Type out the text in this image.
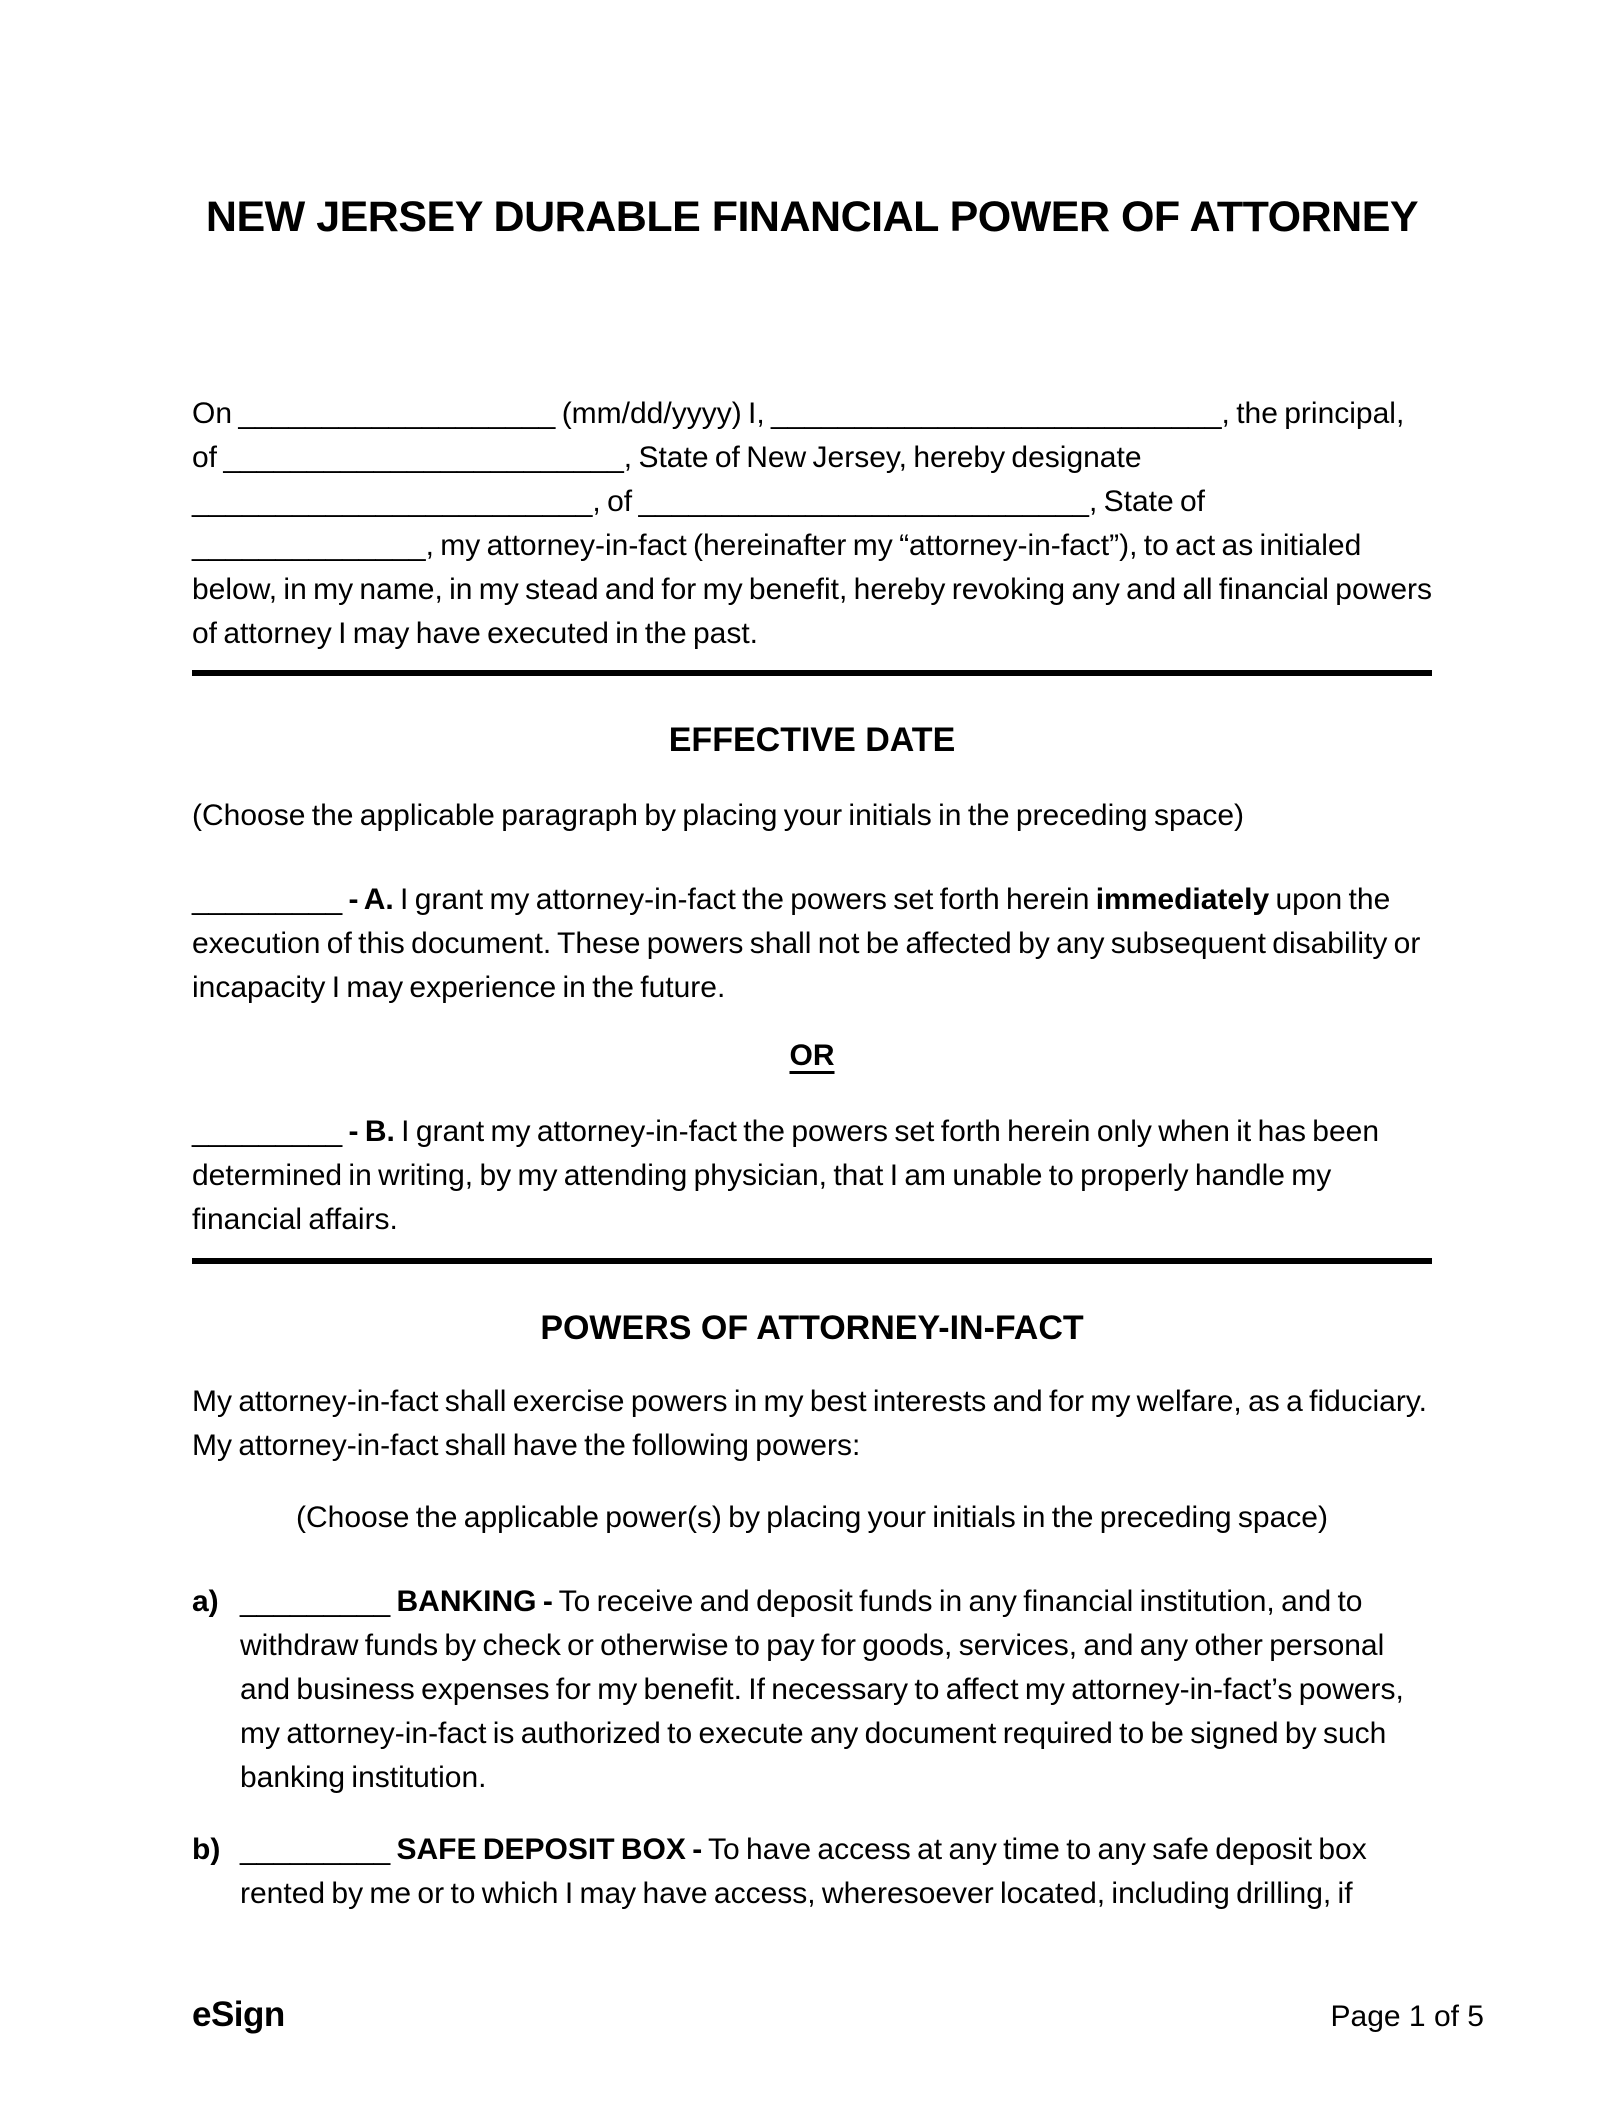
NEW JERSEY DURABLE FINANCIAL POWER OF ATTORNEY

On ___________________ (mm/dd/yyyy) I, ___________________________, the principal, of ________________________, State of New Jersey, hereby designate ________________________, of ___________________________, State of ______________, my attorney-in-fact (hereinafter my “attorney-in-fact”), to act as initialed below, in my name, in my stead and for my benefit, hereby revoking any and all financial powers of attorney I may have executed in the past.

EFFECTIVE DATE

(Choose the applicable paragraph by placing your initials in the preceding space)

_________ - A. I grant my attorney-in-fact the powers set forth herein immediately upon the execution of this document. These powers shall not be affected by any subsequent disability or incapacity I may experience in the future.

OR

_________ - B. I grant my attorney-in-fact the powers set forth herein only when it has been determined in writing, by my attending physician, that I am unable to properly handle my financial affairs.

POWERS OF ATTORNEY-IN-FACT

My attorney-in-fact shall exercise powers in my best interests and for my welfare, as a fiduciary. My attorney-in-fact shall have the following powers:

(Choose the applicable power(s) by placing your initials in the preceding space)

a) _________ BANKING - To receive and deposit funds in any financial institution, and to withdraw funds by check or otherwise to pay for goods, services, and any other personal and business expenses for my benefit. If necessary to affect my attorney-in-fact’s powers, my attorney-in-fact is authorized to execute any document required to be signed by such banking institution.
b) _________ SAFE DEPOSIT BOX - To have access at any time to any safe deposit box rented by me or to which I may have access, wheresoever located, including drilling, if
eSign	Page 1 of 5
